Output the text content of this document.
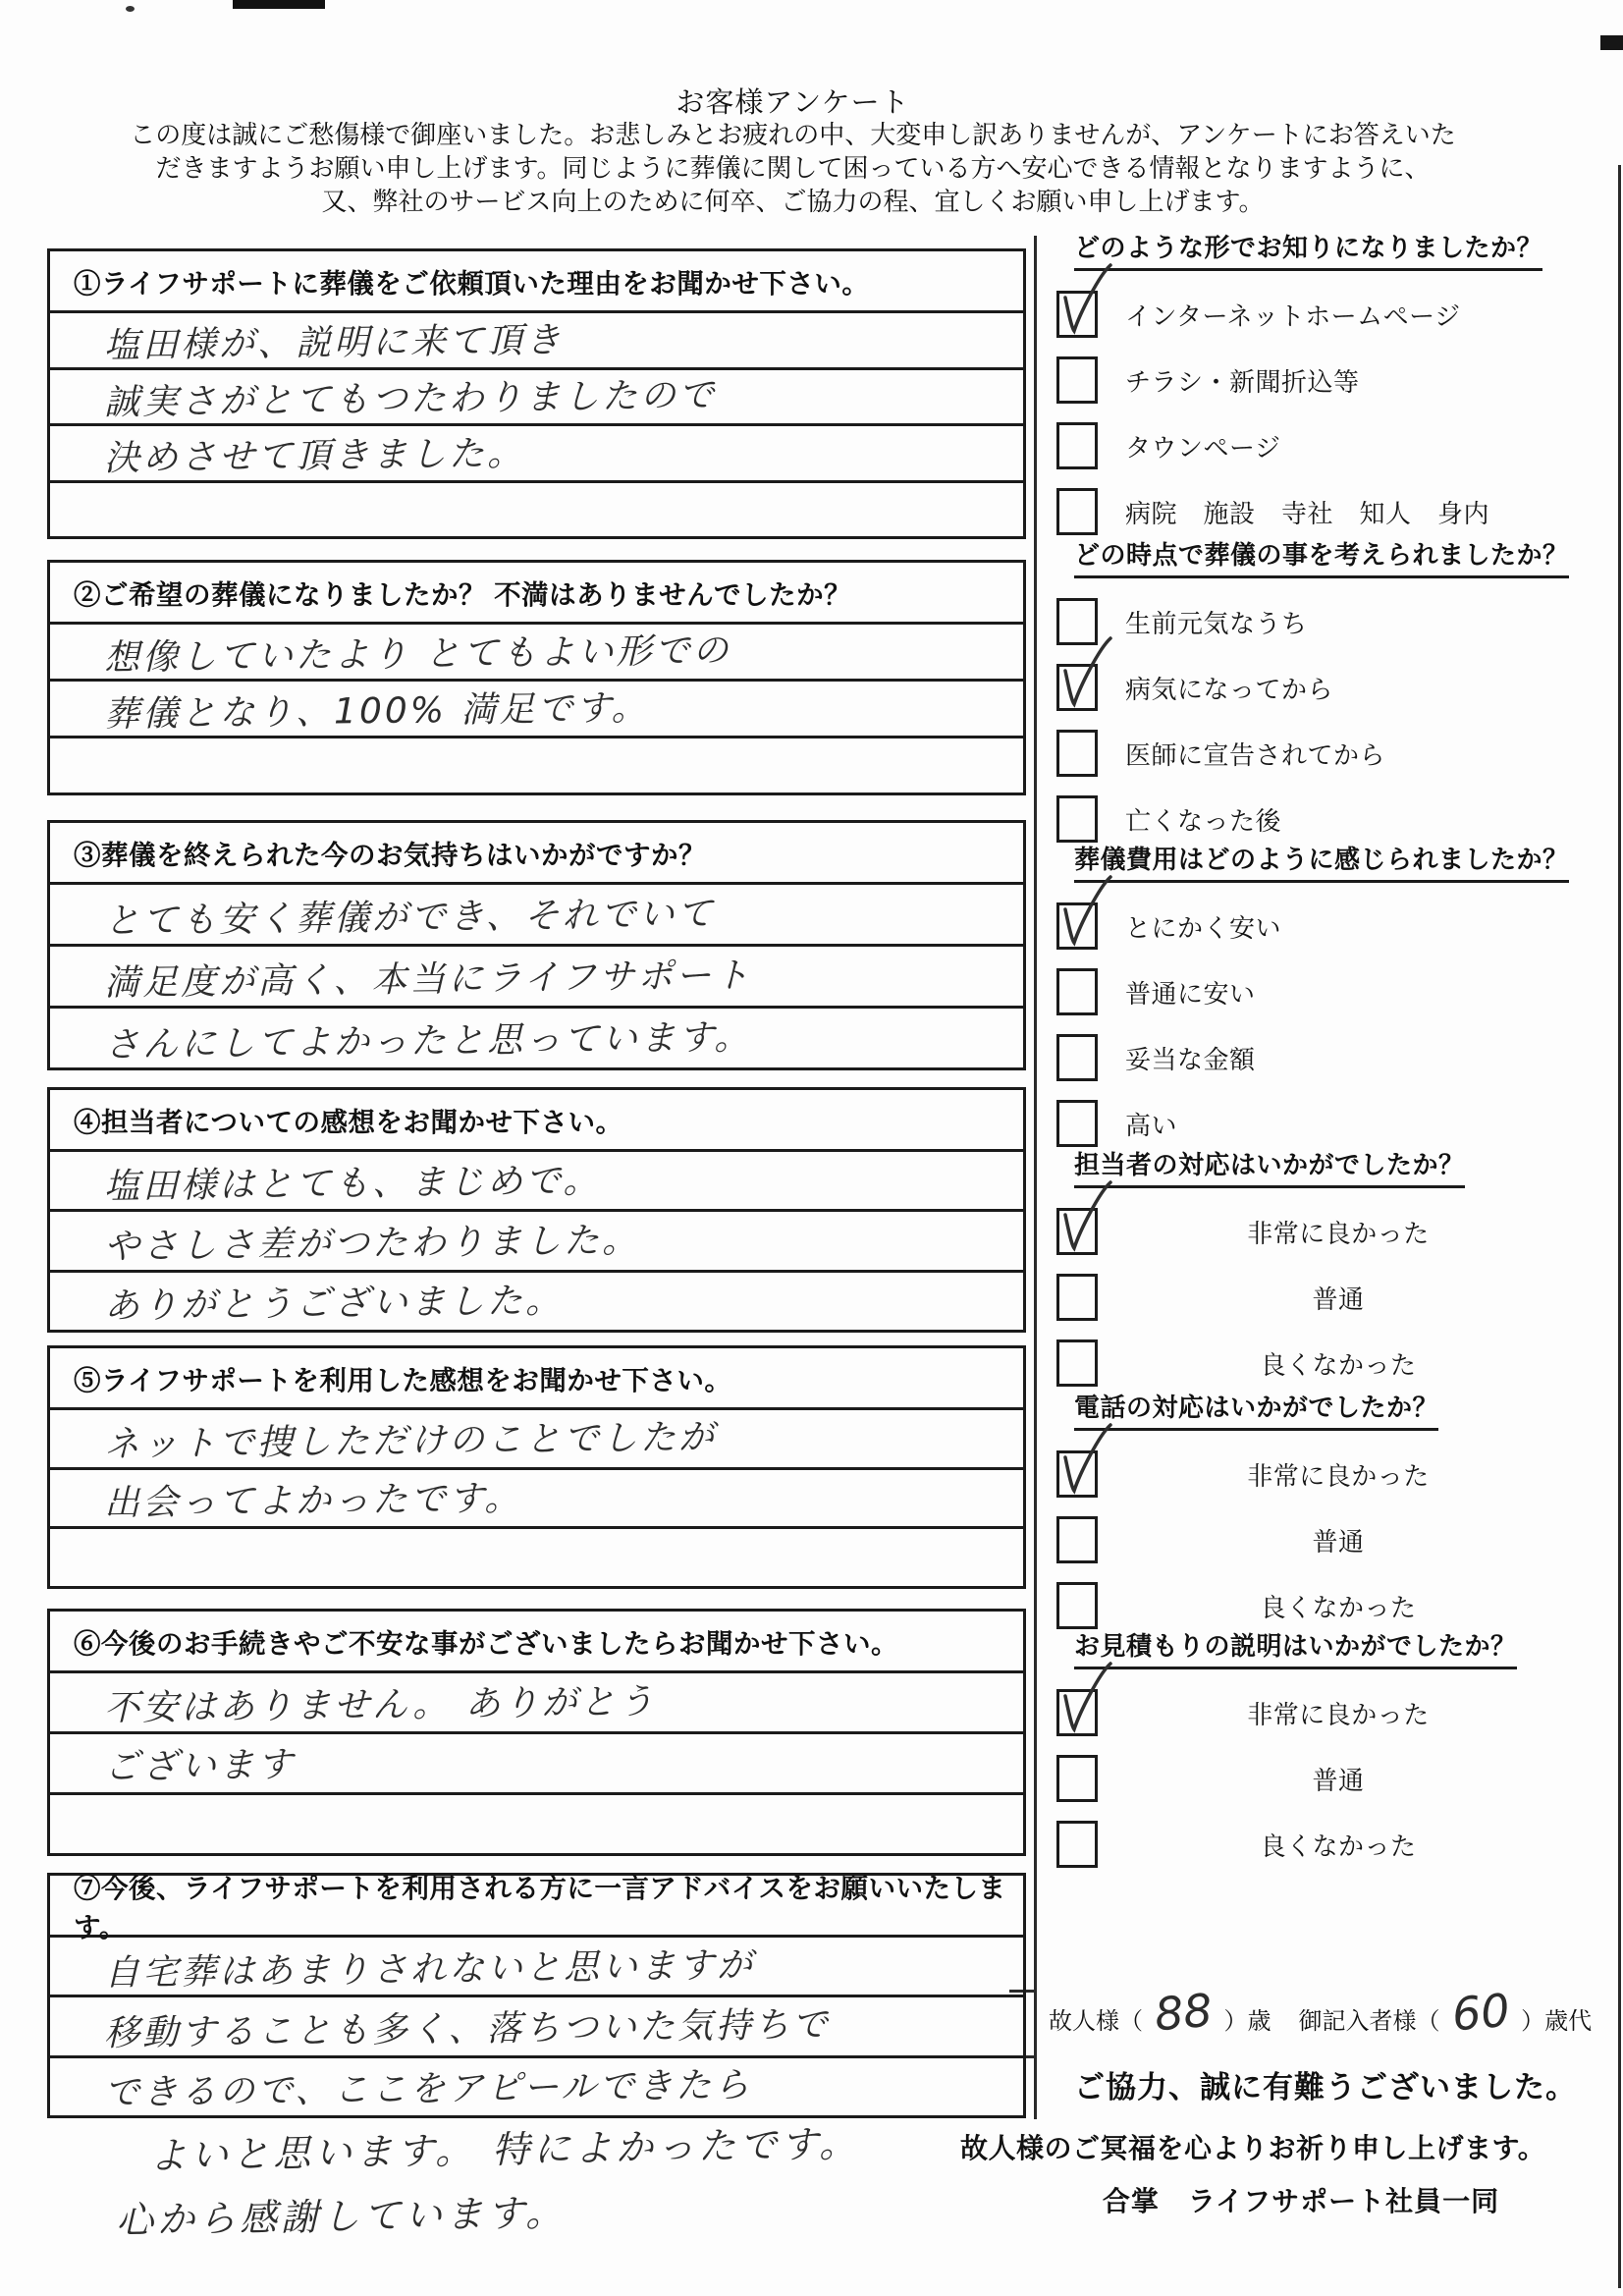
お客様アンケート
この度は誠にご愁傷様で御座いました。お悲しみとお疲れの中、大変申し訳ありませんが、アンケートにお答えいた
だきますようお願い申し上げます。同じように葬儀に関して困っている方へ安心できる情報となりますように、
又、弊社のサービス向上のために何卒、ご協力の程、宜しくお願い申し上げます。
①ライフサポートに葬儀をご依頼頂いた理由をお聞かせ下さい。
塩田様が、説明に来て頂き
誠実さがとてもつたわりましたので
決めさせて頂きました。
②ご希望の葬儀になりましたか？ 不満はありませんでしたか？
想像していたより とてもよい形での
葬儀となり、100% 満足です。
③葬儀を終えられた今のお気持ちはいかがですか？
とても安く葬儀ができ、それでいて
満足度が高く、本当にライフサポート
さんにしてよかったと思っています。
④担当者についての感想をお聞かせ下さい。
塩田様はとても、まじめで。
やさしさ差がつたわりました。
ありがとうございました。
⑤ライフサポートを利用した感想をお聞かせ下さい。
ネットで捜しただけのことでしたが
出会ってよかったです。
⑥今後のお手続きやご不安な事がございましたらお聞かせ下さい。
不安はありません。 ありがとう
ございます
⑦今後、ライフサポートを利用される方に一言アドバイスをお願いいたします。
自宅葬はあまりされないと思いますが
移動することも多く、落ちついた気持ちで
できるので、ここをアピールできたら
よいと思います。 特によかったです。
心から感謝しています。
どのような形でお知りになりましたか？
インターネットホームページ
チラシ・新聞折込等
タウンページ
病院　施設　寺社　知人　身内
どの時点で葬儀の事を考えられましたか？
生前元気なうち
病気になってから
医師に宣告されてから
亡くなった後
葬儀費用はどのように感じられましたか？
とにかく安い
普通に安い
妥当な金額
高い
担当者の対応はいかがでしたか？
非常に良かった
普通
良くなかった
電話の対応はいかがでしたか？
非常に良かった
普通
良くなかった
お見積もりの説明はいかがでしたか？
非常に良かった
普通
良くなかった
故人様（ 88 ）歳 御記入者様（ 60 ）歳代
ご協力、誠に有難うございました。
故人様のご冥福を心よりお祈り申し上げます。
合掌　ライフサポート社員一同
